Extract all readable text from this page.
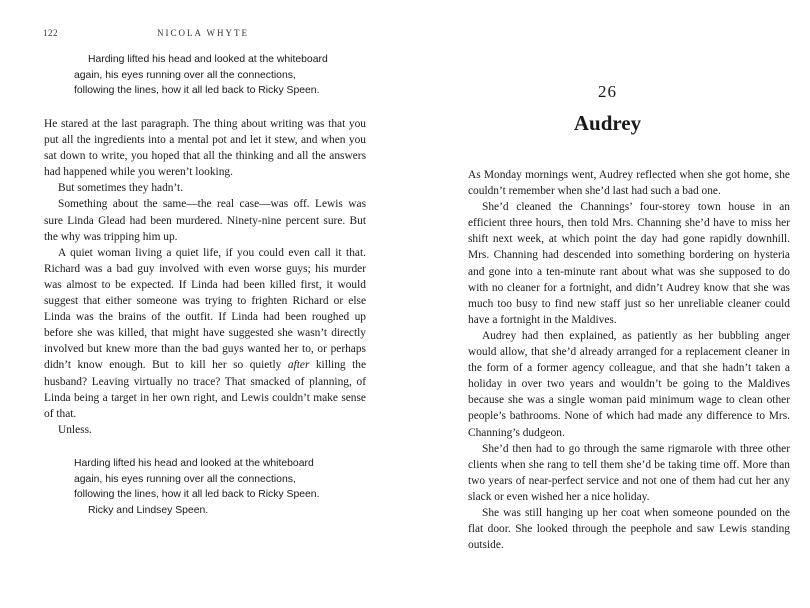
122	NICOLA WHYTE

Harding lifted his head and looked at the whiteboard again, his eyes running over all the connections, following the lines, how it all led back to Ricky Speen.

He stared at the last paragraph. The thing about writing was that you put all the ingredients into a mental pot and let it stew, and when you sat down to write, you hoped that all the thinking and all the answers had happened while you weren’t looking.

But sometimes they hadn’t.

Something about the same—the real case—was off. Lewis was sure Linda Glead had been murdered. Ninety-nine percent sure. But the why was tripping him up.

A quiet woman living a quiet life, if you could even call it that. Richard was a bad guy involved with even worse guys; his murder was almost to be expected. If Linda had been killed first, it would suggest that either someone was trying to frighten Richard or else Linda was the brains of the outfit. If Linda had been roughed up before she was killed, that might have suggested she wasn’t directly involved but knew more than the bad guys wanted her to, or perhaps didn’t know enough. But to kill her so quietly after killing the husband? Leaving virtually no trace? That smacked of planning, of Linda being a target in her own right, and Lewis couldn’t make sense of that.

Unless.

Harding lifted his head and looked at the whiteboard again, his eyes running over all the connections, following the lines, how it all led back to Ricky Speen.

Ricky and Lindsey Speen.

26
Audrey

As Monday mornings went, Audrey reflected when she got home, she couldn’t remember when she’d last had such a bad one.

She’d cleaned the Channings’ four-storey town house in an efficient three hours, then told Mrs. Channing she’d have to miss her shift next week, at which point the day had gone rapidly downhill. Mrs. Channing had descended into something bordering on hysteria and gone into a ten-minute rant about what was she supposed to do with no cleaner for a fortnight, and didn’t Audrey know that she was much too busy to find new staff just so her unreliable cleaner could have a fortnight in the Maldives.

Audrey had then explained, as patiently as her bubbling anger would allow, that she’d already arranged for a replacement cleaner in the form of a former agency colleague, and that she hadn’t taken a holiday in over two years and wouldn’t be going to the Maldives because she was a single woman paid minimum wage to clean other people’s bathrooms. None of which had made any difference to Mrs. Channing’s dudgeon.

She’d then had to go through the same rigmarole with three other clients when she rang to tell them she’d be taking time off. More than two years of near-perfect service and not one of them had cut her any slack or even wished her a nice holiday.

She was still hanging up her coat when someone pounded on the flat door. She looked through the peephole and saw Lewis standing outside.
